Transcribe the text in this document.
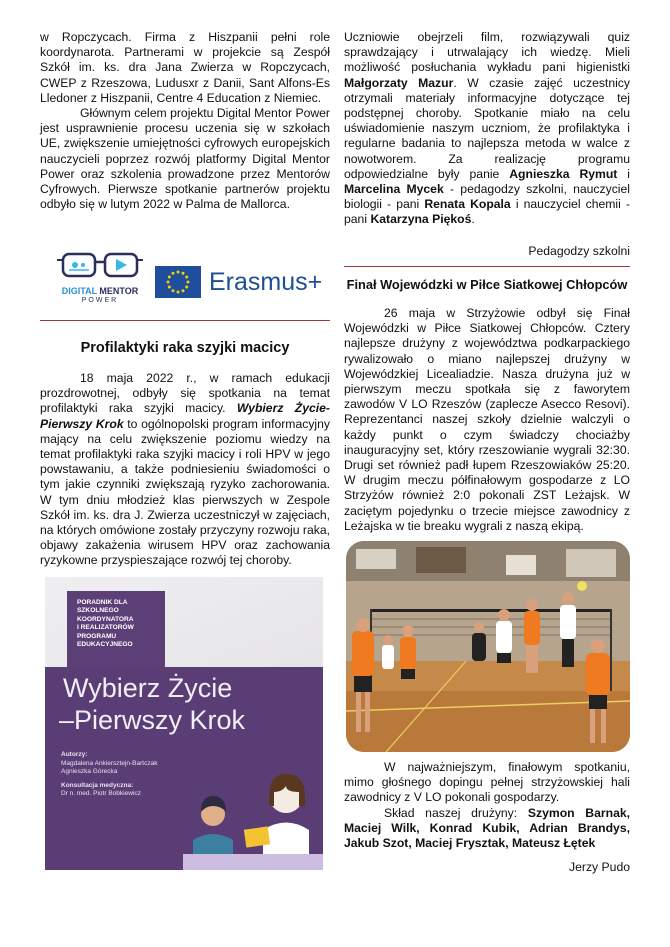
w Ropczycach. Firma z Hiszpanii pełni role koordynarota. Partnerami w projekcie są Zespół Szkół im. ks. dra Jana Zwierza w Ropczycach, CWEP z Rzeszowa, Ludusxr z Danii, Sant Alfons-Es Lledoner z Hiszpanii, Centre 4 Education z Niemiec.

Głównym celem projektu Digital Mentor Power jest usprawnienie procesu uczenia się w szkołach UE, zwiększenie umiejętności cyfrowych europejskich nauczycieli poprzez rozwój platformy Digital Mentor Power oraz szkolenia prowadzone przez Mentorów Cyfrowych. Pierwsze spotkanie partnerów projektu odbyło się w lutym 2022 w Palma de Mallorca.

DIGITAL MENTOR
POWER
Erasmus+
Profilaktyki raka szyjki macicy

18 maja 2022 r., w ramach edukacji prozdrowotnej, odbyły się spotkania na temat profilaktyki raka szyjki macicy. Wybierz Życie-Pierwszy Krok to ogólnopolski program informacyjny mający na celu zwiększenie poziomu wiedzy na temat profilaktyki raka szyjki macicy i roli HPV w jego powstawaniu, a także podniesieniu świadomości o tym jakie czynniki zwiększają ryzyko zachorowania. W tym dniu młodzież klas pierwszych w Zespole Szkół im. ks. dra J. Zwierza uczestniczył w zajęciach, na których omówione zostały przyczyny rozwoju raka, objawy zakażenia wirusem HPV oraz zachowania ryzykowne przyspieszające rozwój tej choroby.

PORADNIK DLA
SZKOLNEGO
KOORDYNATORA
I REALIZATORÓW
PROGRAMU
EDUKACYJNEGO
Wybierz Życie
–Pierwszy Krok
Autorzy:
Magdalena Ankiersztejn-Bartczak
Agnieszka Górecka
Konsultacja medyczna:
Dr n. med. Piotr Bobkiewicz

Uczniowie obejrzeli film, rozwiązywali quiz sprawdzający i utrwalający ich wiedzę. Mieli możliwość posłuchania wykładu pani higienistki Małgorzaty Mazur. W czasie zajęć uczestnicy otrzymali materiały informacyjne dotyczące tej podstępnej choroby. Spotkanie miało na celu uświadomienie naszym uczniom, że profilaktyka i regularne badania to najlepsza metoda w walce z nowotworem. Za realizację programu odpowiedzialne były panie Agnieszka Rymut i Marcelina Mycek - pedagodzy szkolni, nauczyciel biologii - pani Renata Kopala i nauczyciel chemii - pani Katarzyna Piękoś.

Pedagodzy szkolni

Finał Wojewódzki w Piłce Siatkowej Chłopców

26 maja w Strzyżowie odbył się Finał Wojewódzki w Piłce Siatkowej Chłopców. Cztery najlepsze drużyny z województwa podkarpackiego rywalizowało o miano najlepszej drużyny w Wojewódzkiej Licealiadzie. Nasza drużyna już w pierwszym meczu spotkała się z faworytem zawodów V LO Rzeszów (zaplecze Asecco Resovi). Reprezentanci naszej szkoły dzielnie walczyli o każdy punkt o czym świadczy chociażby inauguracyjny set, który rzeszowianie wygrali 32:30. Drugi set również padł łupem Rzeszowiaków 25:20. W drugim meczu półfinałowym gospodarze z LO Strzyżów również 2:0 pokonali ZST Leżajsk. W zaciętym pojedynku o trzecie miejsce zawodnicy z Leżajska w tie breaku wygrali z naszą ekipą.

W najważniejszym, finałowym spotkaniu, mimo głośnego dopingu pełnej strzyżowskiej hali zawodnicy z V LO pokonali gospodarzy.

Skład naszej drużyny: Szymon Barnak, Maciej Wilk, Konrad Kubik, Adrian Brandys, Jakub Szot, Maciej Frysztak, Mateusz Łętek

Jerzy Pudo
